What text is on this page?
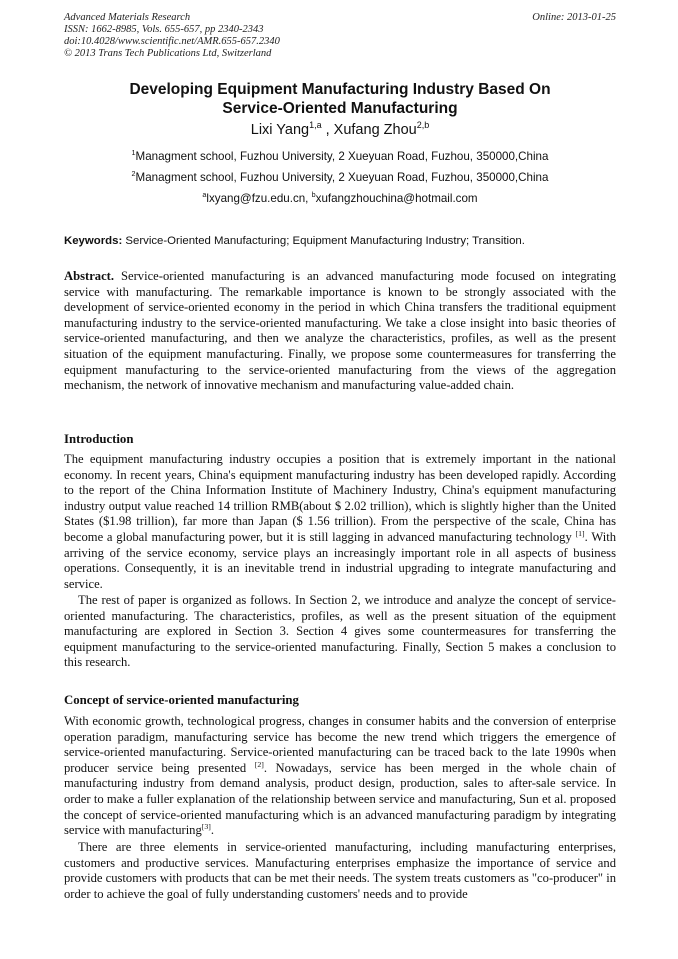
Advanced Materials Research
ISSN: 1662-8985, Vols. 655-657, pp 2340-2343
doi:10.4028/www.scientific.net/AMR.655-657.2340
© 2013 Trans Tech Publications Ltd, Switzerland
Online: 2013-01-25
Developing Equipment Manufacturing Industry Based On
Service-Oriented Manufacturing
Lixi Yang$^{1,a}$ , Xufang Zhou$^{2,b}$
$^1$Managment school, Fuzhou University, 2 Xueyuan Road, Fuzhou, 350000,China
$^2$Managment school, Fuzhou University, 2 Xueyuan Road, Fuzhou, 350000,China
$^a$lxyang@fzu.edu.cn, $^b$xufangzhouchina@hotmail.com
Keywords: Service-Oriented Manufacturing; Equipment Manufacturing Industry; Transition.
Abstract. Service-oriented manufacturing is an advanced manufacturing mode focused on integrating service with manufacturing. The remarkable importance is known to be strongly associated with the development of service-oriented economy in the period in which China transfers the traditional equipment manufacturing industry to the service-oriented manufacturing. We take a close insight into basic theories of service-oriented manufacturing, and then we analyze the characteristics, profiles, as well as the present situation of the equipment manufacturing. Finally, we propose some countermeasures for transferring the equipment manufacturing to the service-oriented manufacturing from the views of the aggregation mechanism, the network of innovative mechanism and manufacturing value-added chain.
Introduction
The equipment manufacturing industry occupies a position that is extremely important in the national economy. In recent years, China's equipment manufacturing industry has been developed rapidly. According to the report of the China Information Institute of Machinery Industry, China's equipment manufacturing industry output value reached 14 trillion RMB(about $ 2.02 trillion), which is slightly higher than the United States ($1.98 trillion), far more than Japan ($ 1.56 trillion). From the perspective of the scale, China has become a global manufacturing power, but it is still lagging in advanced manufacturing technology [1]. With arriving of the service economy, service plays an increasingly important role in all aspects of business operations. Consequently, it is an inevitable trend in industrial upgrading to integrate manufacturing and service.
The rest of paper is organized as follows. In Section 2, we introduce and analyze the concept of service-oriented manufacturing. The characteristics, profiles, as well as the present situation of the equipment manufacturing are explored in Section 3. Section 4 gives some countermeasures for transferring the equipment manufacturing to the service-oriented manufacturing. Finally, Section 5 makes a conclusion to this research.
Concept of service-oriented manufacturing
With economic growth, technological progress, changes in consumer habits and the conversion of enterprise operation paradigm, manufacturing service has become the new trend which triggers the emergence of service-oriented manufacturing. Service-oriented manufacturing can be traced back to the late 1990s when producer service being presented [2]. Nowadays, service has been merged in the whole chain of manufacturing industry from demand analysis, product design, production, sales to after-sale service. In order to make a fuller explanation of the relationship between service and manufacturing, Sun et al. proposed the concept of service-oriented manufacturing which is an advanced manufacturing paradigm by integrating service with manufacturing[3].
There are three elements in service-oriented manufacturing, including manufacturing enterprises, customers and productive services. Manufacturing enterprises emphasize the importance of service and provide customers with products that can be met their needs. The system treats customers as "co-producer" in order to achieve the goal of fully understanding customers' needs and to provide
